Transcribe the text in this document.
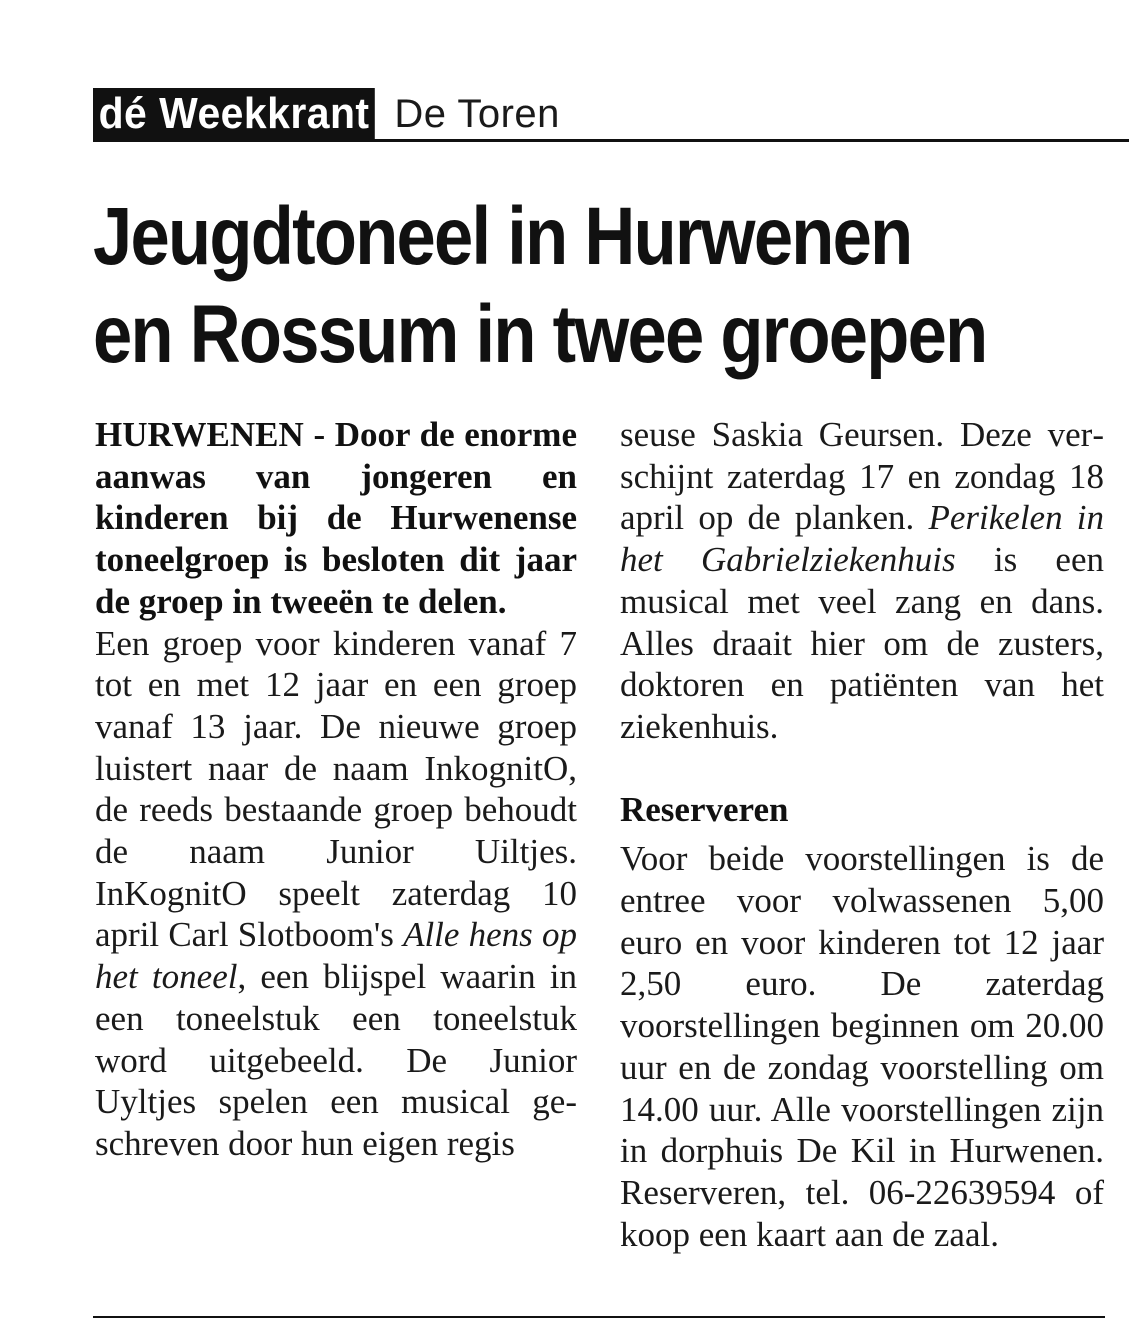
dé Weekkrant De Toren
Jeugdtoneel in Hurwenen
en Rossum in twee groepen

HURWENEN - Door de enorme aanwas van jongeren en kinderen bij de Hurwenense toneelgroep is besloten dit jaar de groep in tweeën te delen.

Een groep voor kinderen vanaf 7 tot en met 12 jaar en een groep vanaf 13 jaar. De nieuwe groep luistert naar de naam InkognitO, de reeds bestaande groep behoudt de naam Junior Uiltjes. InKognitO speelt zaterdag 10 april Carl Slotboom's Alle hens op het toneel, een blijspel waarin in een toneelstuk een toneelstuk word uitgebeeld. De Junior Uyltjes spelen een musical geschreven door hun eigen regis

seuse Saskia Geursen. Deze verschijnt zaterdag 17 en zondag 18 april op de planken. Perikelen in het Gabrielziekenhuis is een musical met veel zang en dans. Alles draait hier om de zusters, doktoren en patiënten van het ziekenhuis.

Reserveren

Voor beide voorstellingen is de entree voor volwassenen 5,00 euro en voor kinderen tot 12 jaar 2,50 euro. De zaterdag voorstellingen beginnen om 20.00 uur en de zondag voorstelling om 14.00 uur. Alle voorstellingen zijn in dorphuis De Kil in Hurwenen. Reserveren, tel. 06-22639594 of koop een kaart aan de zaal.
